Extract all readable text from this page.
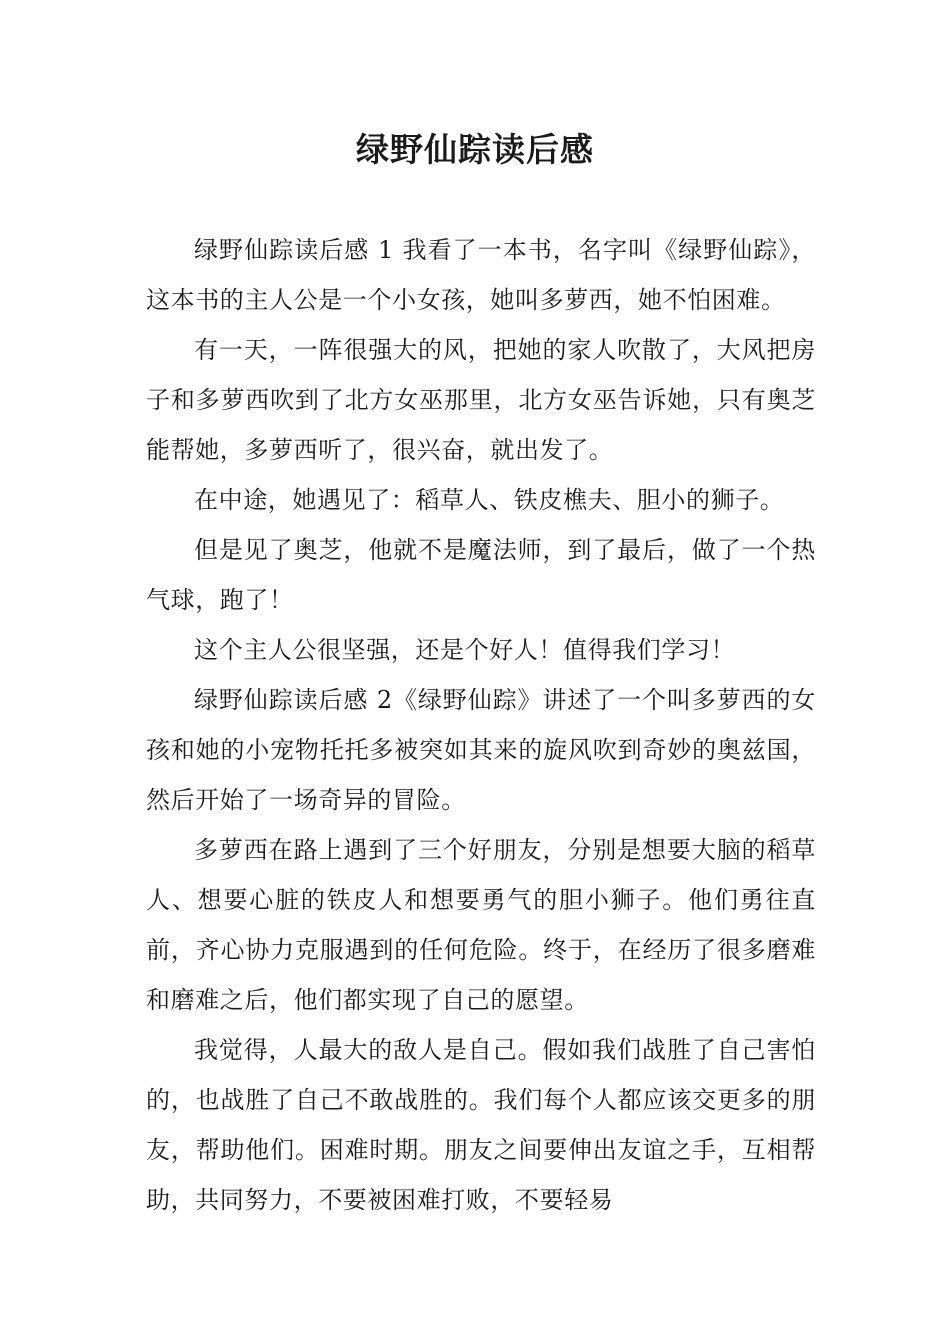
绿野仙踪读后感

绿野仙踪读后感 1 我看了一本书，名字叫《绿野仙踪》，这本书的主人公是一个小女孩，她叫多萝西，她不怕困难。

有一天，一阵很强大的风，把她的家人吹散了，大风把房子和多萝西吹到了北方女巫那里，北方女巫告诉她，只有奥芝能帮她，多萝西听了，很兴奋，就出发了。

在中途，她遇见了：稻草人、铁皮樵夫、胆小的狮子。

但是见了奥芝，他就不是魔法师，到了最后，做了一个热气球，跑了！

这个主人公很坚强，还是个好人！值得我们学习！

绿野仙踪读后感 2《绿野仙踪》讲述了一个叫多萝西的女孩和她的小宠物托托多被突如其来的旋风吹到奇妙的奥兹国，然后开始了一场奇异的冒险。

多萝西在路上遇到了三个好朋友，分别是想要大脑的稻草人、想要心脏的铁皮人和想要勇气的胆小狮子。他们勇往直前，齐心协力克服遇到的任何危险。终于，在经历了很多磨难和磨难之后，他们都实现了自己的愿望。

我觉得，人最大的敌人是自己。假如我们战胜了自己害怕的，也战胜了自己不敢战胜的。我们每个人都应该交更多的朋友，帮助他们。困难时期。朋友之间要伸出友谊之手，互相帮助，共同努力，不要被困难打败，不要轻易
